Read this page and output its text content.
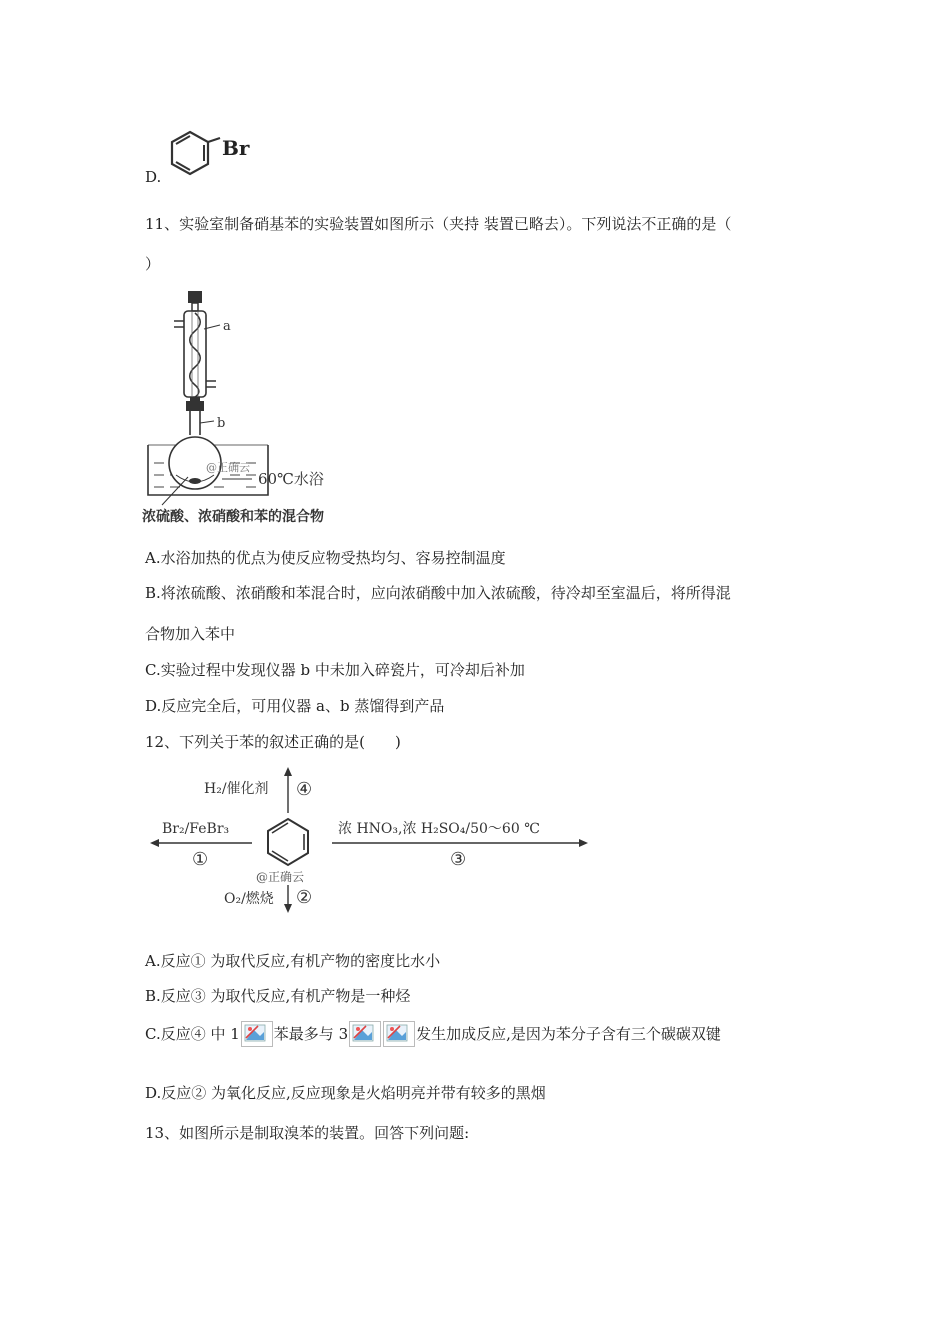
D.
Br
11、实验室制备硝基苯的实验装置如图所示（夹持 装置已略去）。下列说法不正确的是（
）
a
b
@正确云
60℃水浴
浓硫酸、浓硝酸和苯的混合物
A.水浴加热的优点为使反应物受热均匀、容易控制温度
B.将浓硫酸、浓硝酸和苯混合时，应向浓硝酸中加入浓硫酸，待冷却至室温后，将所得混
合物加入苯中
C.实验过程中发现仪器 b 中未加入碎瓷片，可冷却后补加
D.反应完全后，可用仪器 a、b 蒸馏得到产品
12、下列关于苯的叙述正确的是(　　)
H₂/催化剂 ④
Br₂/FeBr₃
①
浓 HNO₃,浓 H₂SO₄/50～60 ℃
③
@正确云
O₂/燃烧 ②
A.反应① 为取代反应,有机产物的密度比水小
B.反应③ 为取代反应,有机产物是一种烃
C.反应④ 中 1 苯最多与 3	发生加成反应,是因为苯分子含有三个碳碳双键
D.反应② 为氧化反应,反应现象是火焰明亮并带有较多的黑烟
13、如图所示是制取溴苯的装置。回答下列问题:
